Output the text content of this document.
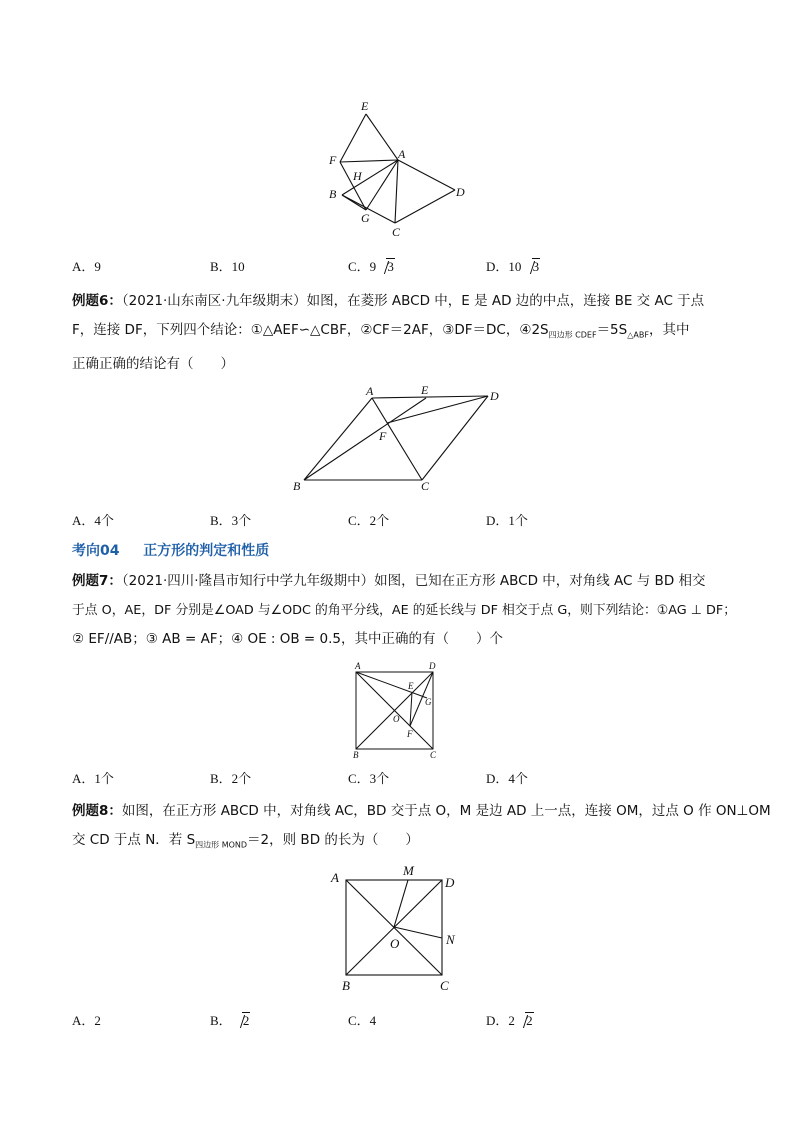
E
F	A
H
B
G
D
C
A．9	B．10	C．9 3	D．10 3
例题6：（2021·山东南区·九年级期末）如图，在菱形 ABCD 中，E 是 AD 边的中点，连接 BE 交 AC 于点
F，连接 DF，下列四个结论：①△AEF∽△CBF，②CF＝2AF，③DF＝DC，$④2S_{四边形 CDEF}=5S_{\triangle ABF}$，其中
正确正确的结论有（　　）
A	E	D
F
B	C
A．4个	B．3个	C．2个	D．1个
考向04 正方形的判定和性质
例题7：（2021·四川·隆昌市知行中学九年级期中）如图，已知在正方形 ABCD 中，对角线 AC 与 BD 相交
于点 O，AE，DF 分别是∠OAD 与∠ODC 的角平分线，AE 的延长线与 DF 相交于点 G，则下列结论：①AG ⊥ DF；
② EF//AB；③ AB = AF；④ OE : OB = 0.5，其中正确的有（　　）个
A	D
E
G
O
F
B	C
A．1个	B．2个	C．3个	D．4个
例题8：如图，在正方形 ABCD 中，对角线 AC，BD 交于点 O，M 是边 AD 上一点，连接 OM，过点 O 作 ON⊥OM
交 CD 于点 N．若 $S_{四边形 MOND}=2$，则 BD 的长为（　　）
A	M
D
N
O
B	C
A．2	B． 2	C．4	D．2 2
